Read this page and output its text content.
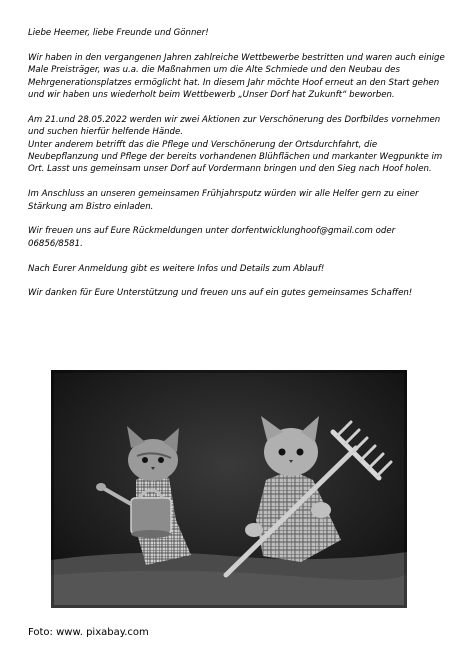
Liebe Heemer, liebe Freunde und Gönner!

Wir haben in den vergangenen Jahren zahlreiche Wettbewerbe bestritten und waren auch einige Male Preisträger, was u.a. die Maßnahmen um die Alte Schmiede und den Neubau des Mehrgenerationsplatzes ermöglicht hat. In diesem Jahr möchte Hoof erneut an den Start gehen und wir haben uns wiederholt beim Wettbewerb „Unser Dorf hat Zukunft“ beworben.

Am 21.und 28.05.2022 werden wir zwei Aktionen zur Verschönerung des Dorfbildes vornehmen und suchen hierfür helfende Hände.
Unter anderem betrifft das die Pflege und Verschönerung der Ortsdurchfahrt, die Neubepflanzung und Pflege der bereits vorhandenen Blühflächen und markanter Wegpunkte im Ort. Lasst uns gemeinsam unser Dorf auf Vordermann bringen und den Sieg nach Hoof holen.

Im Anschluss an unseren gemeinsamen Frühjahrsputz würden wir alle Helfer gern zu einer Stärkung am Bistro einladen.

Wir freuen uns auf Eure Rückmeldungen unter dorfentwicklunghoof@gmail.com oder 06856/8581.

Nach Eurer Anmeldung gibt es weitere Infos und Details zum Ablauf!

Wir danken für Eure Unterstützung und freuen uns auf ein gutes gemeinsames Schaffen!

Foto: www. pixabay.com
